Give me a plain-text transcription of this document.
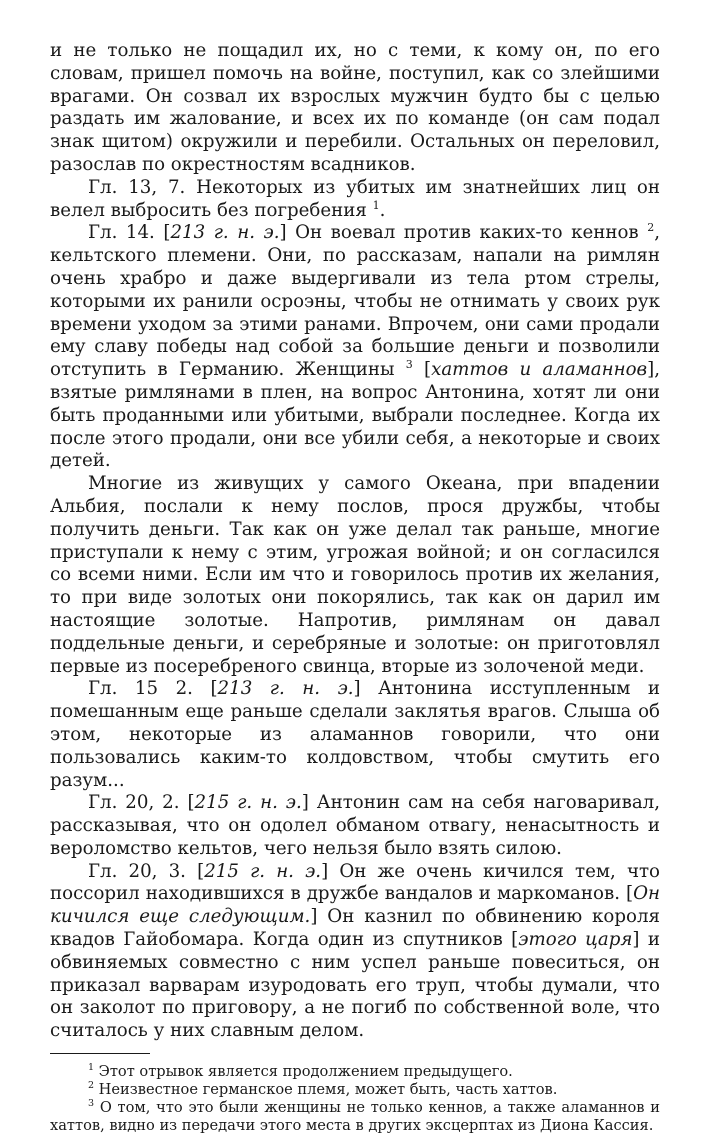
и не только не пощадил их, но с теми, к кому он, по его словам, пришел помочь на войне, поступил, как со злейшими врагами. Он созвал их взрослых мужчин будто бы с целью раздать им жалование, и всех их по команде (он сам подал знак щитом) окружили и перебили. Остальных он переловил, разослав по окрестностям всадников.

Гл. 13, 7. Некоторых из убитых им знатнейших лиц он велел выбросить без погребения $^1$.

Гл. 14. [213 г. н. э.] Он воевал против каких-то кеннов $^2$, кельтского племени. Они, по рассказам, напали на римлян очень храбро и даже выдергивали из тела ртом стрелы, которыми их ранили осроэны, чтобы не отнимать у своих рук времени уходом за этими ранами. Впрочем, они сами продали ему славу победы над собой за большие деньги и позволили отступить в Германию. Женщины $^3$ [хаттов и аламаннов], взятые римлянами в плен, на вопрос Антонина, хотят ли они быть проданными или убитыми, выбрали последнее. Когда их после этого продали, они все убили себя, а некоторые и своих детей.

Многие из живущих у самого Океана, при впадении Альбия, послали к нему послов, прося дружбы, чтобы получить деньги. Так как он уже делал так раньше, многие приступали к нему с этим, угрожая войной; и он согласился со всеми ними. Если им что и говорилось против их желания, то при виде золотых они покорялись, так как он дарил им настоящие золотые. Напротив, римлянам он давал поддельные деньги, и серебряные и золотые: он приготовлял первые из посеребреного свинца, вторые из золоченой меди.

Гл. 15 2. [213 г. н. э.] Антонина исступленным и помешанным еще раньше сделали заклятья врагов. Слыша об этом, некоторые из аламаннов говорили, что они пользовались каким-то колдовством, чтобы смутить его разум...

Гл. 20, 2. [215 г. н. э.] Антонин сам на себя наговаривал, рассказывая, что он одолел обманом отвагу, ненасытность и вероломство кельтов, чего нельзя было взять силою.

Гл. 20, 3. [215 г. н. э.] Он же очень кичился тем, что поссорил находившихся в дружбе вандалов и маркоманов. [Он кичился еще следующим.] Он казнил по обвинению короля квадов Гайобомара. Когда один из спутников [этого царя] и обвиняемых совместно с ним успел раньше повеситься, он приказал варварам изуродовать его труп, чтобы думали, что он заколот по приговору, а не погиб по собственной воле, что считалось у них славным делом.

$^1$ Этот отрывок является продолжением предыдущего.

$^2$ Неизвестное германское племя, может быть, часть хаттов.

$^3$ О том, что это были женщины не только кеннов, а также аламаннов и хаттов, видно из передачи этого места в других эксцерптах из Диона Кассия.
